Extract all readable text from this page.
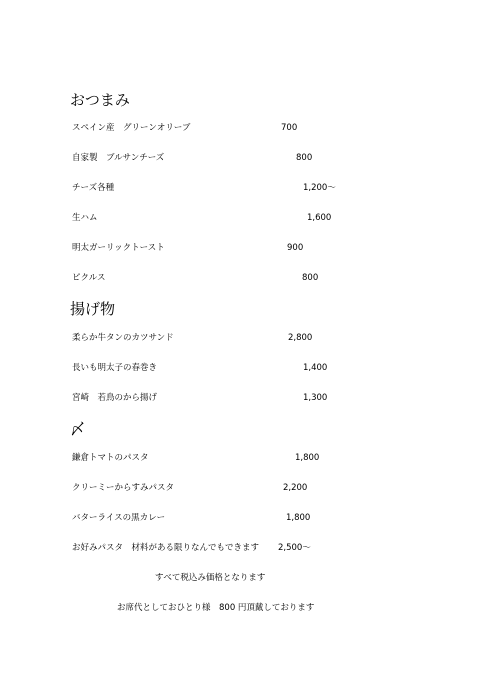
おつまみ
スペイン産　グリーンオリーブ	700
自家製　ブルサンチーズ	800
チーズ各種	1,200～
生ハム	1,600
明太ガーリックトースト	900
ピクルス	800
揚げ物
柔らか牛タンのカツサンド	2,800
長いも明太子の春巻き	1,400
宮崎　若鳥のから揚げ	1,300
〆
鎌倉トマトのパスタ	1,800
クリーミーからすみパスタ	2,200
バターライスの黒カレー	1,800
お好みパスタ　材料がある限りなんでもできます 2,500～
すべて税込み価格となります
お席代としておひとり様　800 円頂戴しております
